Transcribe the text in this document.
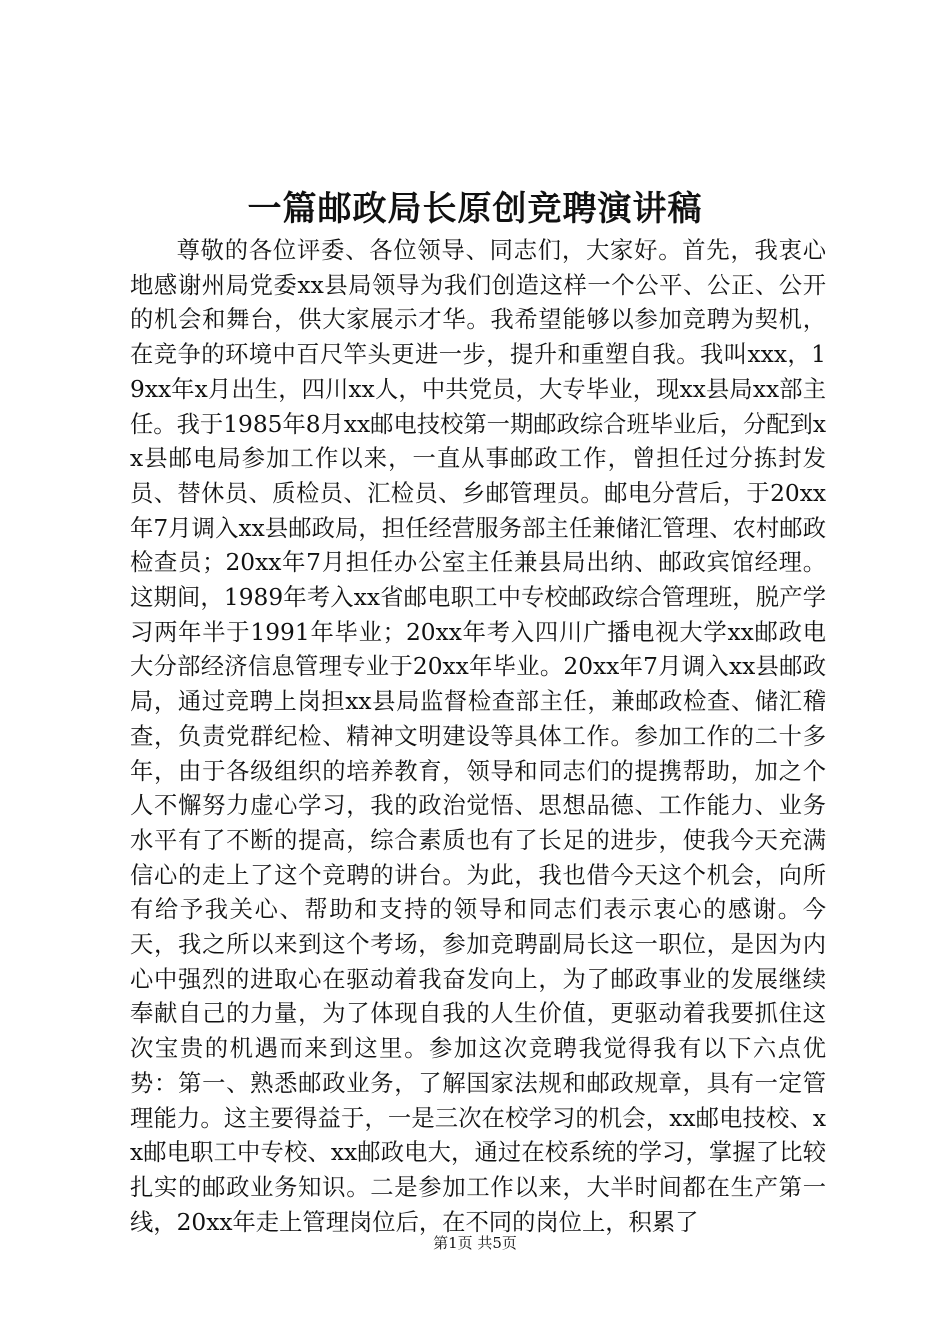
一篇邮政局长原创竞聘演讲稿

尊敬的各位评委、各位领导、同志们，大家好。首先，我衷心地感谢州局党委xx县局领导为我们创造这样一个公平、公正、公开的机会和舞台，供大家展示才华。我希望能够以参加竞聘为契机，在竞争的环境中百尺竿头更进一步，提升和重塑自我。我叫xxx，19xx年x月出生，四川xx人，中共党员，大专毕业，现xx县局xx部主任。我于1985年8月xx邮电技校第一期邮政综合班毕业后，分配到xx县邮电局参加工作以来，一直从事邮政工作，曾担任过分拣封发员、替休员、质检员、汇检员、乡邮管理员。邮电分营后，于20xx年7月调入xx县邮政局，担任经营服务部主任兼储汇管理、农村邮政检查员；20xx年7月担任办公室主任兼县局出纳、邮政宾馆经理。这期间，1989年考入xx省邮电职工中专校邮政综合管理班，脱产学习两年半于1991年毕业；20xx年考入四川广播电视大学xx邮政电大分部经济信息管理专业于20xx年毕业。20xx年7月调入xx县邮政局，通过竞聘上岗担xx县局监督检查部主任，兼邮政检查、储汇稽查，负责党群纪检、精神文明建设等具体工作。参加工作的二十多年，由于各级组织的培养教育，领导和同志们的提携帮助，加之个人不懈努力虚心学习，我的政治觉悟、思想品德、工作能力、业务水平有了不断的提高，综合素质也有了长足的进步，使我今天充满信心的走上了这个竞聘的讲台。为此，我也借今天这个机会，向所有给予我关心、帮助和支持的领导和同志们表示衷心的感谢。今天，我之所以来到这个考场，参加竞聘副局长这一职位，是因为内心中强烈的进取心在驱动着我奋发向上，为了邮政事业的发展继续奉献自己的力量，为了体现自我的人生价值，更驱动着我要抓住这次宝贵的机遇而来到这里。参加这次竞聘我觉得我有以下六点优势：第一、熟悉邮政业务，了解国家法规和邮政规章，具有一定管理能力。这主要得益于，一是三次在校学习的机会，xx邮电技校、xx邮电职工中专校、xx邮政电大，通过在校系统的学习，掌握了比较扎实的邮政业务知识。二是参加工作以来，大半时间都在生产第一线，20xx年走上管理岗位后，在不同的岗位上，积累了

第1页 共5页
